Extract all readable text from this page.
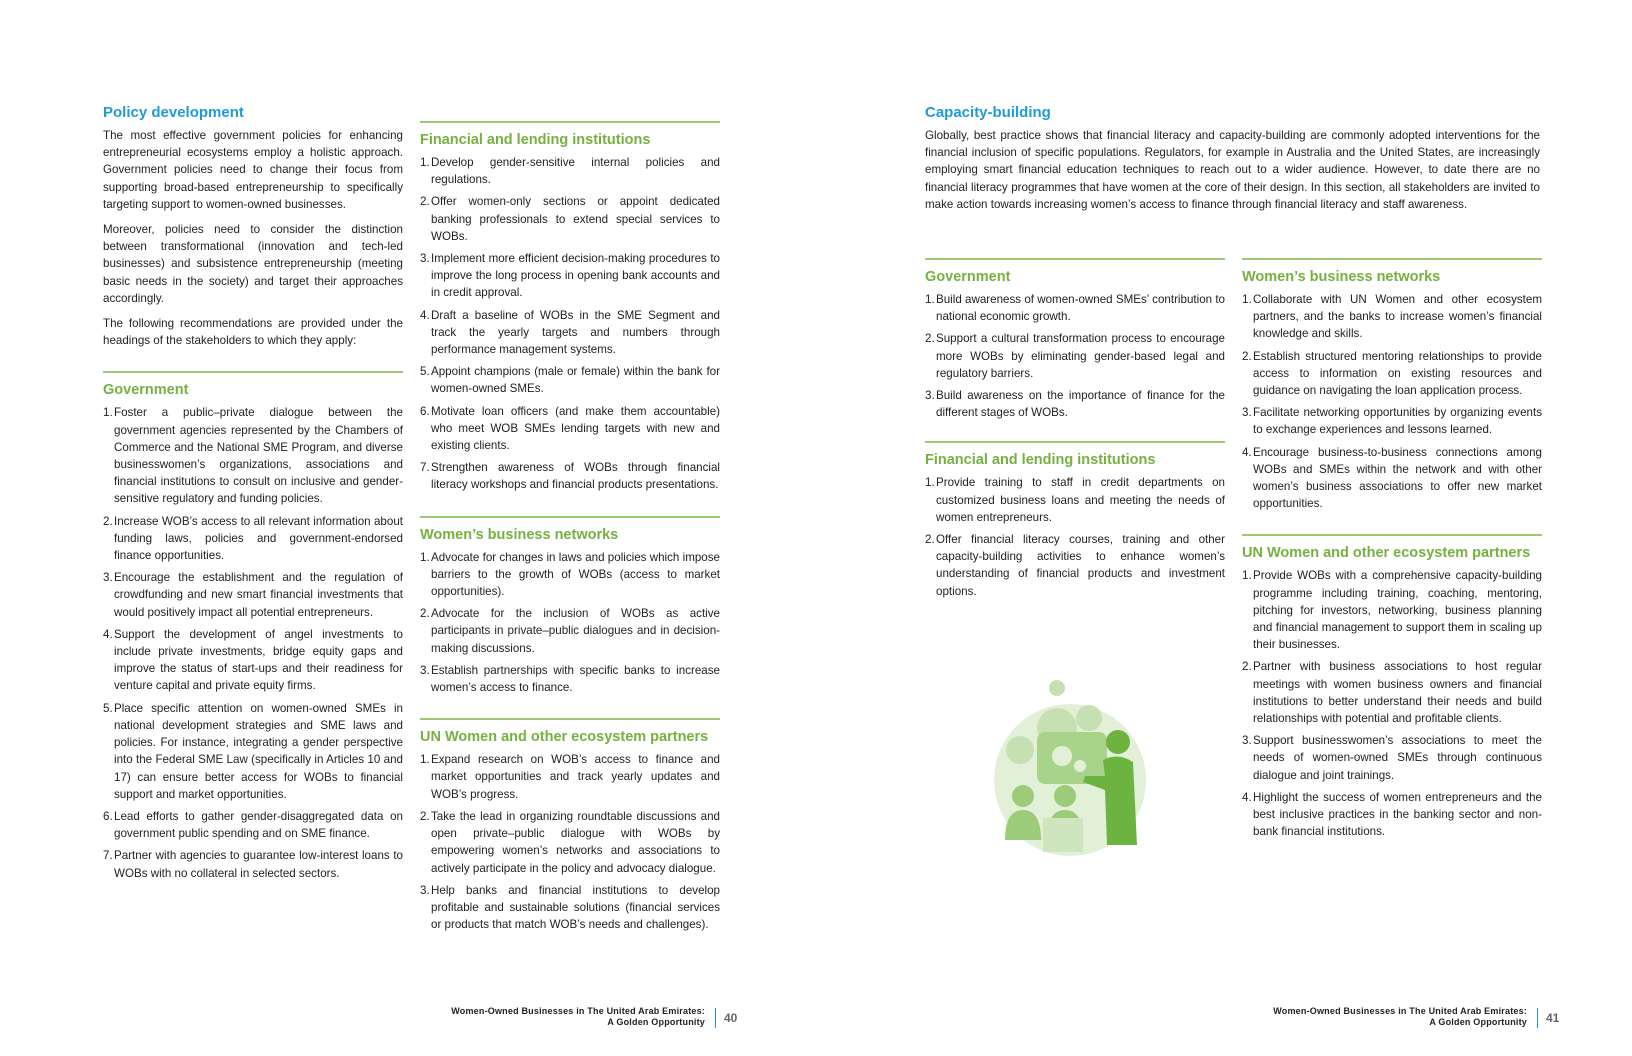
Policy development

The most effective government policies for enhancing entrepreneurial ecosystems employ a holistic approach. Government policies need to change their focus from supporting broad-based entrepreneurship to specifically targeting support to women-owned businesses.

Moreover, policies need to consider the distinction between transformational (innovation and tech-led businesses) and subsistence entrepreneurship (meeting basic needs in the society) and target their approaches accordingly.

The following recommendations are provided under the headings of the stakeholders to which they apply:

Government
1. Foster a public–private dialogue between the government agencies represented by the Chambers of Commerce and the National SME Program, and diverse businesswomen’s organizations, associations and financial institutions to consult on inclusive and gender-sensitive regulatory and funding policies.
2. Increase WOB’s access to all relevant information about funding laws, policies and government-endorsed finance opportunities.
3. Encourage the establishment and the regulation of crowdfunding and new smart financial investments that would positively impact all potential entrepreneurs.
4. Support the development of angel investments to include private investments, bridge equity gaps and improve the status of start-ups and their readiness for venture capital and private equity firms.
5. Place specific attention on women-owned SMEs in national development strategies and SME laws and policies. For instance, integrating a gender perspective into the Federal SME Law (specifically in Articles 10 and 17) can ensure better access for WOBs to financial support and market opportunities.
6. Lead efforts to gather gender-disaggregated data on government public spending and on SME finance.
7. Partner with agencies to guarantee low-interest loans to WOBs with no collateral in selected sectors.
Financial and lending institutions
1. Develop gender-sensitive internal policies and regulations.
2. Offer women-only sections or appoint dedicated banking professionals to extend special services to WOBs.
3. Implement more efficient decision-making procedures to improve the long process in opening bank accounts and in credit approval.
4. Draft a baseline of WOBs in the SME Segment and track the yearly targets and numbers through performance management systems.
5. Appoint champions (male or female) within the bank for women-owned SMEs.
6. Motivate loan officers (and make them accountable) who meet WOB SMEs lending targets with new and existing clients.
7. Strengthen awareness of WOBs through financial literacy workshops and financial products presentations.
Women’s business networks
1. Advocate for changes in laws and policies which impose barriers to the growth of WOBs (access to market opportunities).
2. Advocate for the inclusion of WOBs as active participants in private–public dialogues and in decision-making discussions.
3. Establish partnerships with specific banks to increase women’s access to finance.
UN Women and other ecosystem partners
1. Expand research on WOB’s access to finance and market opportunities and track yearly updates and WOB’s progress.
2. Take the lead in organizing roundtable discussions and open private–public dialogue with WOBs by empowering women’s networks and associations to actively participate in the policy and advocacy dialogue.
3. Help banks and financial institutions to develop profitable and sustainable solutions (financial services or products that match WOB’s needs and challenges).
Women-Owned Businesses in The United Arab Emirates:
A Golden Opportunity 40
Capacity-building

Globally, best practice shows that financial literacy and capacity-building are commonly adopted interventions for the financial inclusion of specific populations. Regulators, for example in Australia and the United States, are increasingly employing smart financial education techniques to reach out to a wider audience. However, to date there are no financial literacy programmes that have women at the core of their design. In this section, all stakeholders are invited to make action towards increasing women’s access to finance through financial literacy and staff awareness.

Government
1. Build awareness of women-owned SMEs’ contribution to national economic growth.
2. Support a cultural transformation process to encourage more WOBs by eliminating gender-based legal and regulatory barriers.
3. Build awareness on the importance of finance for the different stages of WOBs.
Financial and lending institutions
1. Provide training to staff in credit departments on customized business loans and meeting the needs of women entrepreneurs.
2. Offer financial literacy courses, training and other capacity-building activities to enhance women’s understanding of financial products and investment options.
Women’s business networks
1. Collaborate with UN Women and other ecosystem partners, and the banks to increase women’s financial knowledge and skills.
2. Establish structured mentoring relationships to provide access to information on existing resources and guidance on navigating the loan application process.
3. Facilitate networking opportunities by organizing events to exchange experiences and lessons learned.
4. Encourage business-to-business connections among WOBs and SMEs within the network and with other women’s business associations to offer new market opportunities.
UN Women and other ecosystem partners
1. Provide WOBs with a comprehensive capacity-building programme including training, coaching, mentoring, pitching for investors, networking, business planning and financial management to support them in scaling up their businesses.
2. Partner with business associations to host regular meetings with women business owners and financial institutions to better understand their needs and build relationships with potential and profitable clients.
3. Support businesswomen’s associations to meet the needs of women-owned SMEs through continuous dialogue and joint trainings.
4. Highlight the success of women entrepreneurs and the best inclusive practices in the banking sector and non-bank financial institutions.
Women-Owned Businesses in The United Arab Emirates:
A Golden Opportunity 41
